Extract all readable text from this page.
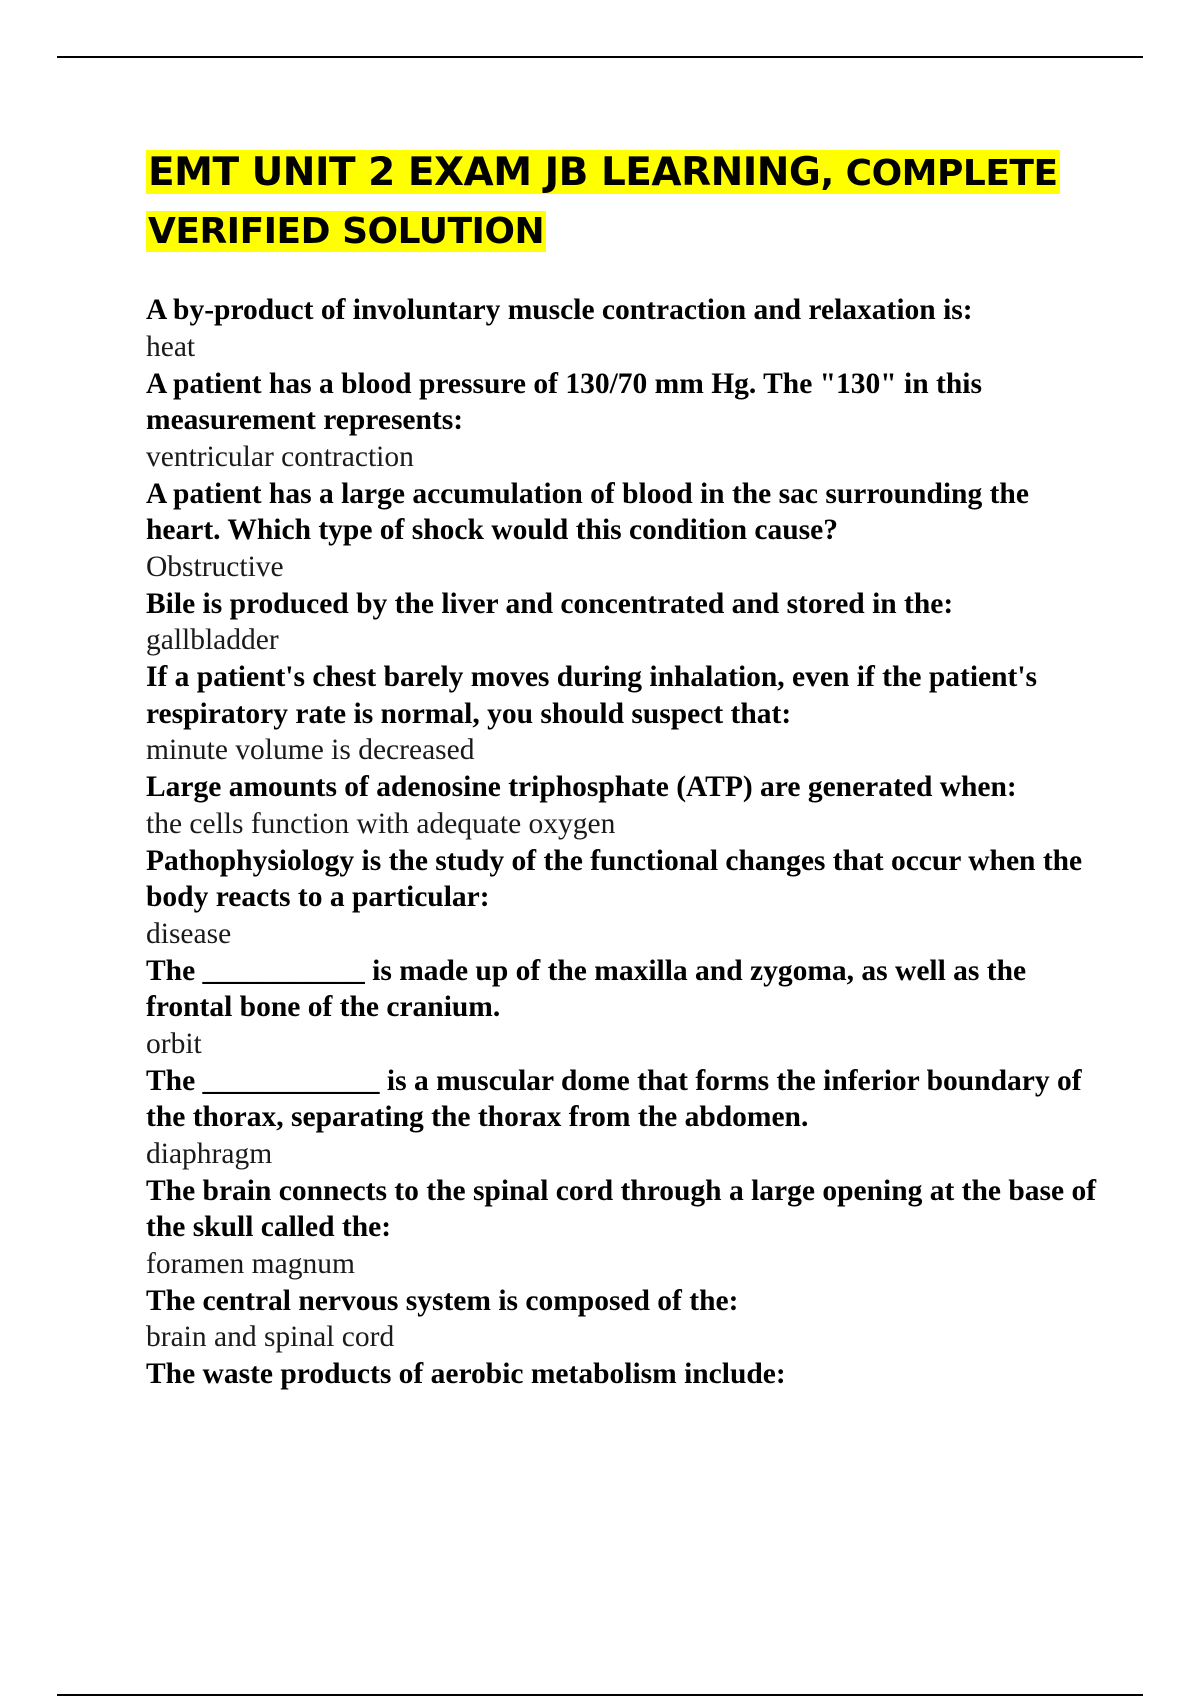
EMT UNIT 2 EXAM JB LEARNING, COMPLETE
VERIFIED SOLUTION

A by-product of involuntary muscle contraction and relaxation is:

heat

A patient has a blood pressure of 130/70 mm Hg. The "130" in this measurement represents:

ventricular contraction

A patient has a large accumulation of blood in the sac surrounding the heart. Which type of shock would this condition cause?

Obstructive

Bile is produced by the liver and concentrated and stored in the:

gallbladder

If a patient's chest barely moves during inhalation, even if the patient's respiratory rate is normal, you should suspect that:

minute volume is decreased

Large amounts of adenosine triphosphate (ATP) are generated when:

the cells function with adequate oxygen

Pathophysiology is the study of the functional changes that occur when the body reacts to a particular:

disease

The ___________ is made up of the maxilla and zygoma, as well as the frontal bone of the cranium.

orbit

The ____________ is a muscular dome that forms the inferior boundary of the thorax, separating the thorax from the abdomen.

diaphragm

The brain connects to the spinal cord through a large opening at the base of the skull called the:

foramen magnum

The central nervous system is composed of the:

brain and spinal cord

The waste products of aerobic metabolism include:
